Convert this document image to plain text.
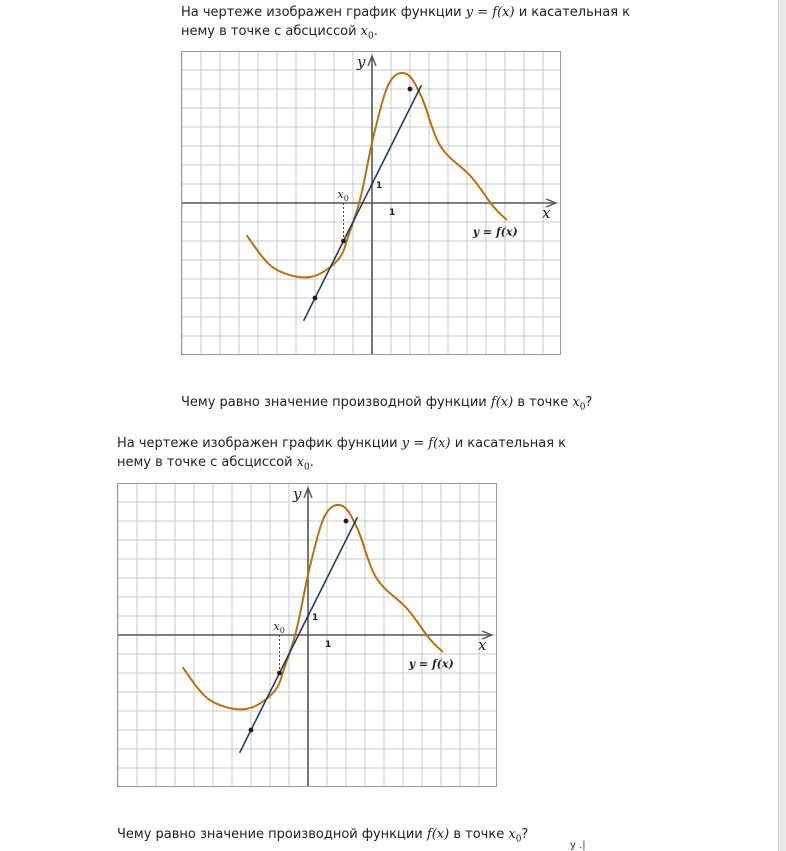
На чертеже изображен график функции y = f(x) и касательная к нему в точке с абсциссой $x_0$.

x
y
1
1
$x_0$
y = f(x)

Чему равно значение производной функции f(x) в точке $x_0$?

На чертеже изображен график функции y = f(x) и касательная к нему в точке с абсциссой $x_0$.

x
y
1
1
$x_0$
y = f(x)

Чему равно значение производной функции f(x) в точке $x_0$?

y .|
